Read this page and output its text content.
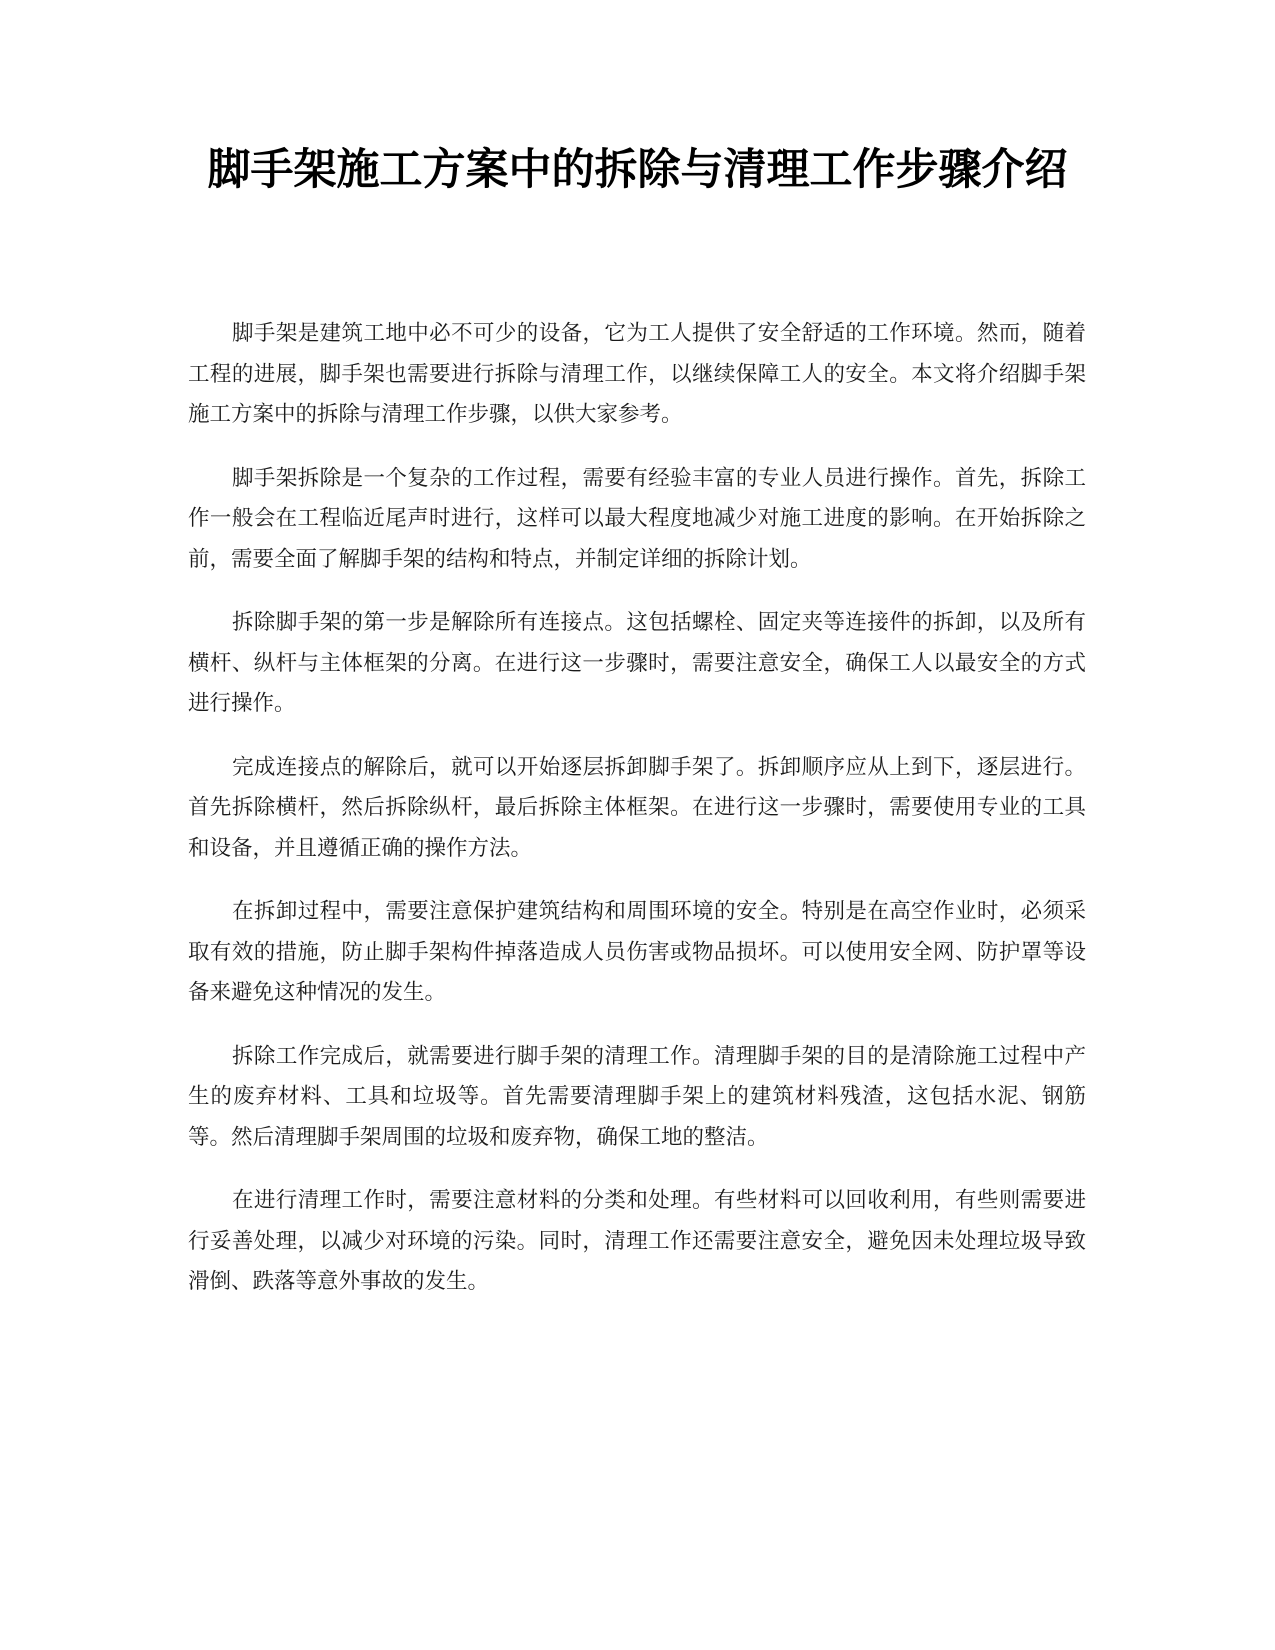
脚手架施工方案中的拆除与清理工作步骤介绍

脚手架是建筑工地中必不可少的设备，它为工人提供了安全舒适的工作环境。然而，随着工程的进展，脚手架也需要进行拆除与清理工作，以继续保障工人的安全。本文将介绍脚手架施工方案中的拆除与清理工作步骤，以供大家参考。

脚手架拆除是一个复杂的工作过程，需要有经验丰富的专业人员进行操作。首先，拆除工作一般会在工程临近尾声时进行，这样可以最大程度地减少对施工进度的影响。在开始拆除之前，需要全面了解脚手架的结构和特点，并制定详细的拆除计划。

拆除脚手架的第一步是解除所有连接点。这包括螺栓、固定夹等连接件的拆卸，以及所有横杆、纵杆与主体框架的分离。在进行这一步骤时，需要注意安全，确保工人以最安全的方式进行操作。

完成连接点的解除后，就可以开始逐层拆卸脚手架了。拆卸顺序应从上到下，逐层进行。首先拆除横杆，然后拆除纵杆，最后拆除主体框架。在进行这一步骤时，需要使用专业的工具和设备，并且遵循正确的操作方法。

在拆卸过程中，需要注意保护建筑结构和周围环境的安全。特别是在高空作业时，必须采取有效的措施，防止脚手架构件掉落造成人员伤害或物品损坏。可以使用安全网、防护罩等设备来避免这种情况的发生。

拆除工作完成后，就需要进行脚手架的清理工作。清理脚手架的目的是清除施工过程中产生的废弃材料、工具和垃圾等。首先需要清理脚手架上的建筑材料残渣，这包括水泥、钢筋等。然后清理脚手架周围的垃圾和废弃物，确保工地的整洁。

在进行清理工作时，需要注意材料的分类和处理。有些材料可以回收利用，有些则需要进行妥善处理，以减少对环境的污染。同时，清理工作还需要注意安全，避免因未处理垃圾导致滑倒、跌落等意外事故的发生。
